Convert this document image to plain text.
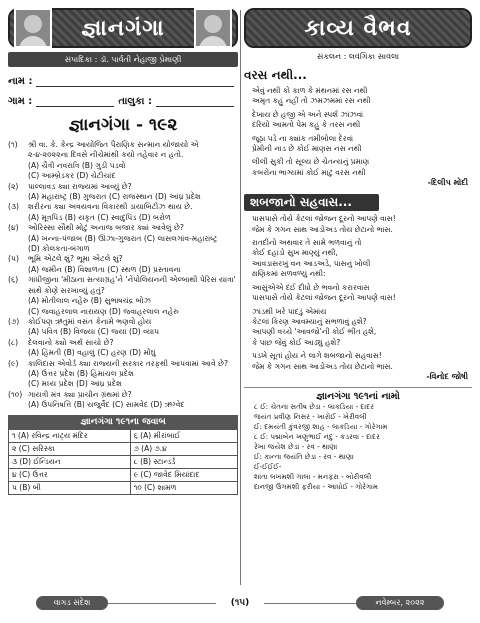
જ્ઞાનગંગા
સંપાદિકા : ડૉ. પાર્વતી નેહાજી પ્રેમાણી
નામ :
ગામ :	તાલુકા :
જ્ઞાનગંગા - ૧૯૨
(૧)	શ્રી વા. કે. કેન્દ્ર આયોજિત પૈરાણિક સન્માન યોજાયો એ ૨-૪-૨૦૨૨ના દિવસે નીચેમાંથી કયો તહેવાર ન હતો.
(A) ચૈત્રી નવરાત્રિ (B) ગુડી પડવો
(C) આમ્બ્રેડકર (D) ચેટીચાંદ
(૨)	પાલ્લાવડ ક્યા રાજ્યમાં આવ્યું છે?
(A) મહારાષ્ટ્ર (B) ગુજરાત (C) રાજસ્થાન (D) આંધ્ર પ્રદેશ
(૩)	શરીરના ક્યા અવયવના વિકારથી ડાયાબિટીઝ થાય છે.
(A) મૂત્રપિંડ (B) યકૃત (C) સ્વાદુપિંડ (D) બરોળ
(૪)	ઓરિસ્સા સૌથી મોટું અનાજ બજાર ક્યાં આવેલું છે?
(A) ખન્ના-પંજાબ (B) ઊંઝા-ગુજરાત (C) લાસલગાંવ-મહારાષ્ટ્ર
(D) કોલકતા-બંગાળ
(૫)	ભૂમિ એટલે શું? ભૂમા એટલે શું?
(A) જમીન (B) વિશાળતા (C) સ્થળ (D) પ્રસ્તાવના
(૬)	ગાંધીજીના 'મીઠાના સત્યાગ્રહ'ને 'નેપોલિયનની એલ્બાથી પેરિસ યાત્રા' સાથે કોણે સરખાવ્યું હતું?
(A) મોતીલાલ નહેરુ (B) સુભાષચંદ્ર બોઝ
(C) જવાહરલાલ નારાયણ (D) જવાહરલાલ નહેરુ
(૭)	કોઈપણ ઋતુમાં વસંત કેનામે ભણવો હોય
(A) પવિત્ર (B) વિજયા (C) જયા (D) વ્યાપ
(૮)	દેલવાનો ક્યો અર્થ સાચો છે?
(A) હિંમતી (B) વહાલું (C) હરણ (D) મોંઘું
(૯)	કાલિદાસ એવોર્ડ ક્યા રાજ્યની સરકાર તરફથી આપવામાં આવે છે?
(A) ઉત્તર પ્રદેશ (B) હિમાચલ પ્રદેશ
(C) મધ્ય પ્રદેશ (D) આંધ્ર પ્રદેશ
(૧૦) ગાયત્રી મંત્ર ક્યા પ્રાચીન ગ્રંથમાં છે?
(A) ઉપનિષત્તિ (B) યજુર્વેદ (C) સામવેદ (D) ઋગ્વેદ
જ્ઞાનગંગા ૧૯૧ના જવાબ
૧ (A) રવિન્દ્ર નાટ્ય મંદિર	૬ (A) મીરાંબાઈ
૨ (C) સરિસ્કા	૭ (A) ૭.૪
૩ (D) ઈન્ડિયન	૮ (B) સ્ટાન્ડર્ડ
૪ (C) ઉત્તર	૯ (C) જાવેદ મિયાંદાદ
૫ (B) બી	૧૦ (C) શામળ
કાવ્ય વૈભવ
સંકલન : લવંગિકા સાવલા
વરસ નથી...
એવું નથી કો કાળ કે મંથનમાં રસ નથી
અમૃત કહું નહીં તો ઝમઝમમાં રસ નથી
દેખાય છે હજી એ અને સ્પર્શ ઝાંઝવાં
દરિયો આમતો પેમ કહું કે તરસ નથી
જૂઠા પડે ના ક્યાંક તમીબોલા દેરવાં
પ્રેમીની નાડ છે કોઈ માણસ નસ નથી
લીલી સુકી તો સૂલ્ય છે ચેતન્યનું પ્રમાણ
કબરોના ભાગ્યમાં કોઈ માટું વરસ નથી
-દિલીપ મોદી
શબજાનો સહવાસ...
પાસપાસે તોયે કેટલાં જોજન દૂરનો આપણે વાસ!
જેમ કે ગગન સાથ આડોઅડ તોય છેટાનો ભાસ.
રાતદીનો અથવાર તે સામે ભળવાનું તો
કોઈ દહાડો સુખ માણ્યું નથી,
આવડાસરખું વન આડઅડે, પાસનું ખોલી
ક્ષણિકમાં સળવળ્યું નથી:
આસુંએએ દઈ દીધો છે ભવનો કરારવાસ
પાસપાસે તોયે કેટલાં જોજન દૂરનો આપણે વાસ!
ઝાંડથી ખરે પાંદડું એમાંય
કેટલાં કિરણ આવમ્યાનું સંભળાવું હશે?
આપણી વચ્ચે 'આવજો'ની કોઈ ભીંત હશે,
કે પાછ જેવું કોઈ આડ્યું હશે?
પડખે સૂતાં હોય ને લાગે શબજાનો સહવાસ!
જેમ કે ગગન સાથ આડોઅડ તોય છેટાનો ભાસ.
-વિનોદ જોષી
જ્ઞાનગંગા ૧૯૧નાં નામો
૮ ઈ: ચેતના સતીષ છેડા - લાકડિયા - દાદર
જયંત પ્રવીણ નિસર - ખારોઈ - ખેરીવલી
ઈ: દમયંતી કુંવરજી શાહ - લાકડિયા - ગોરેગામ
૮ ઈ: પદ્માબેન ખણુભાઈ નંદુ - કડરવા - દાદર
રેખા જયેશ છેડા - રવ - થાણા
ઈ: કાન્તા જયંતિ છેડા - રવ - થાણા
ઈ-ઈઈઈ-
શાંતા લખમશી ગાલા - મનફરા - બોરીવલી
દાનજી ઉગમશી ફરીયા - આધોઈ - ગોરેગામ
વાગડ સંદેશ	(૧૫)	નવેમ્બર, ૨૦૨૨
